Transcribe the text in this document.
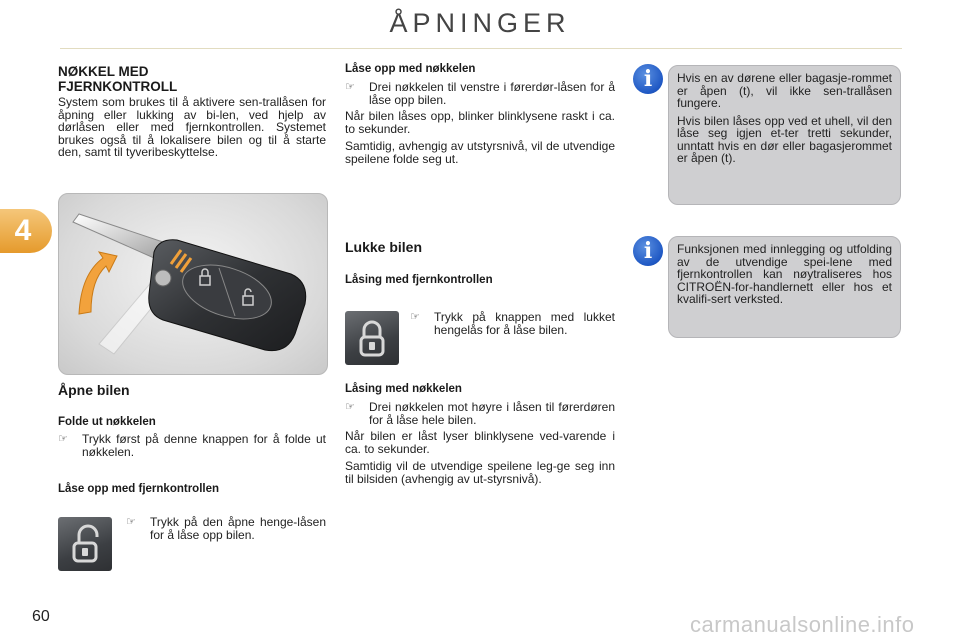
ÅPNINGER
4
NØKKEL MED
FJERNKONTROLL
System som brukes til å aktivere sen-trallåsen for åpning eller lukking av bi-len, ved hjelp av dørlåsen eller med fjernkontrollen. Systemet brukes også til å lokalisere bilen og til å starte den, samt til tyveribeskyttelse.
Åpne bilen
Folde ut nøkkelen
☞	Trykk først på denne knappen for å folde ut nøkkelen.
Låse opp med fjernkontrollen
☞	Trykk på den åpne henge-låsen for å låse opp bilen.
Låse opp med nøkkelen
☞	Drei nøkkelen til venstre i førerdør-låsen for å låse opp bilen.

Når bilen låses opp, blinker blinklysene raskt i ca. to sekunder.

Samtidig, avhengig av utstyrsnivå, vil de utvendige speilene folde seg ut.

Lukke bilen
Låsing med fjernkontrollen
☞	Trykk på knappen med lukket hengelås for å låse bilen.
Låsing med nøkkelen
☞	Drei nøkkelen mot høyre i låsen til førerdøren for å låse hele bilen.

Når bilen er låst lyser blinklysene ved-varende i ca. to sekunder.

Samtidig vil de utvendige speilene leg-ge seg inn til bilsiden (avhengig av ut-styrsnivå).

Hvis en av dørene eller bagasje-rommet er åpen (t), vil ikke sen-trallåsen fungere.

Hvis bilen låses opp ved et uhell, vil den låse seg igjen et-ter tretti sekunder, unntatt hvis en dør eller bagasjerommet er åpen (t).

i

Funksjonen med innlegging og utfolding av de utvendige spei-lene med fjernkontrollen kan nøytraliseres hos CITROËN-for-handlernett eller hos et kvalifi-sert verksted.

i
60	carmanualsonline.info
